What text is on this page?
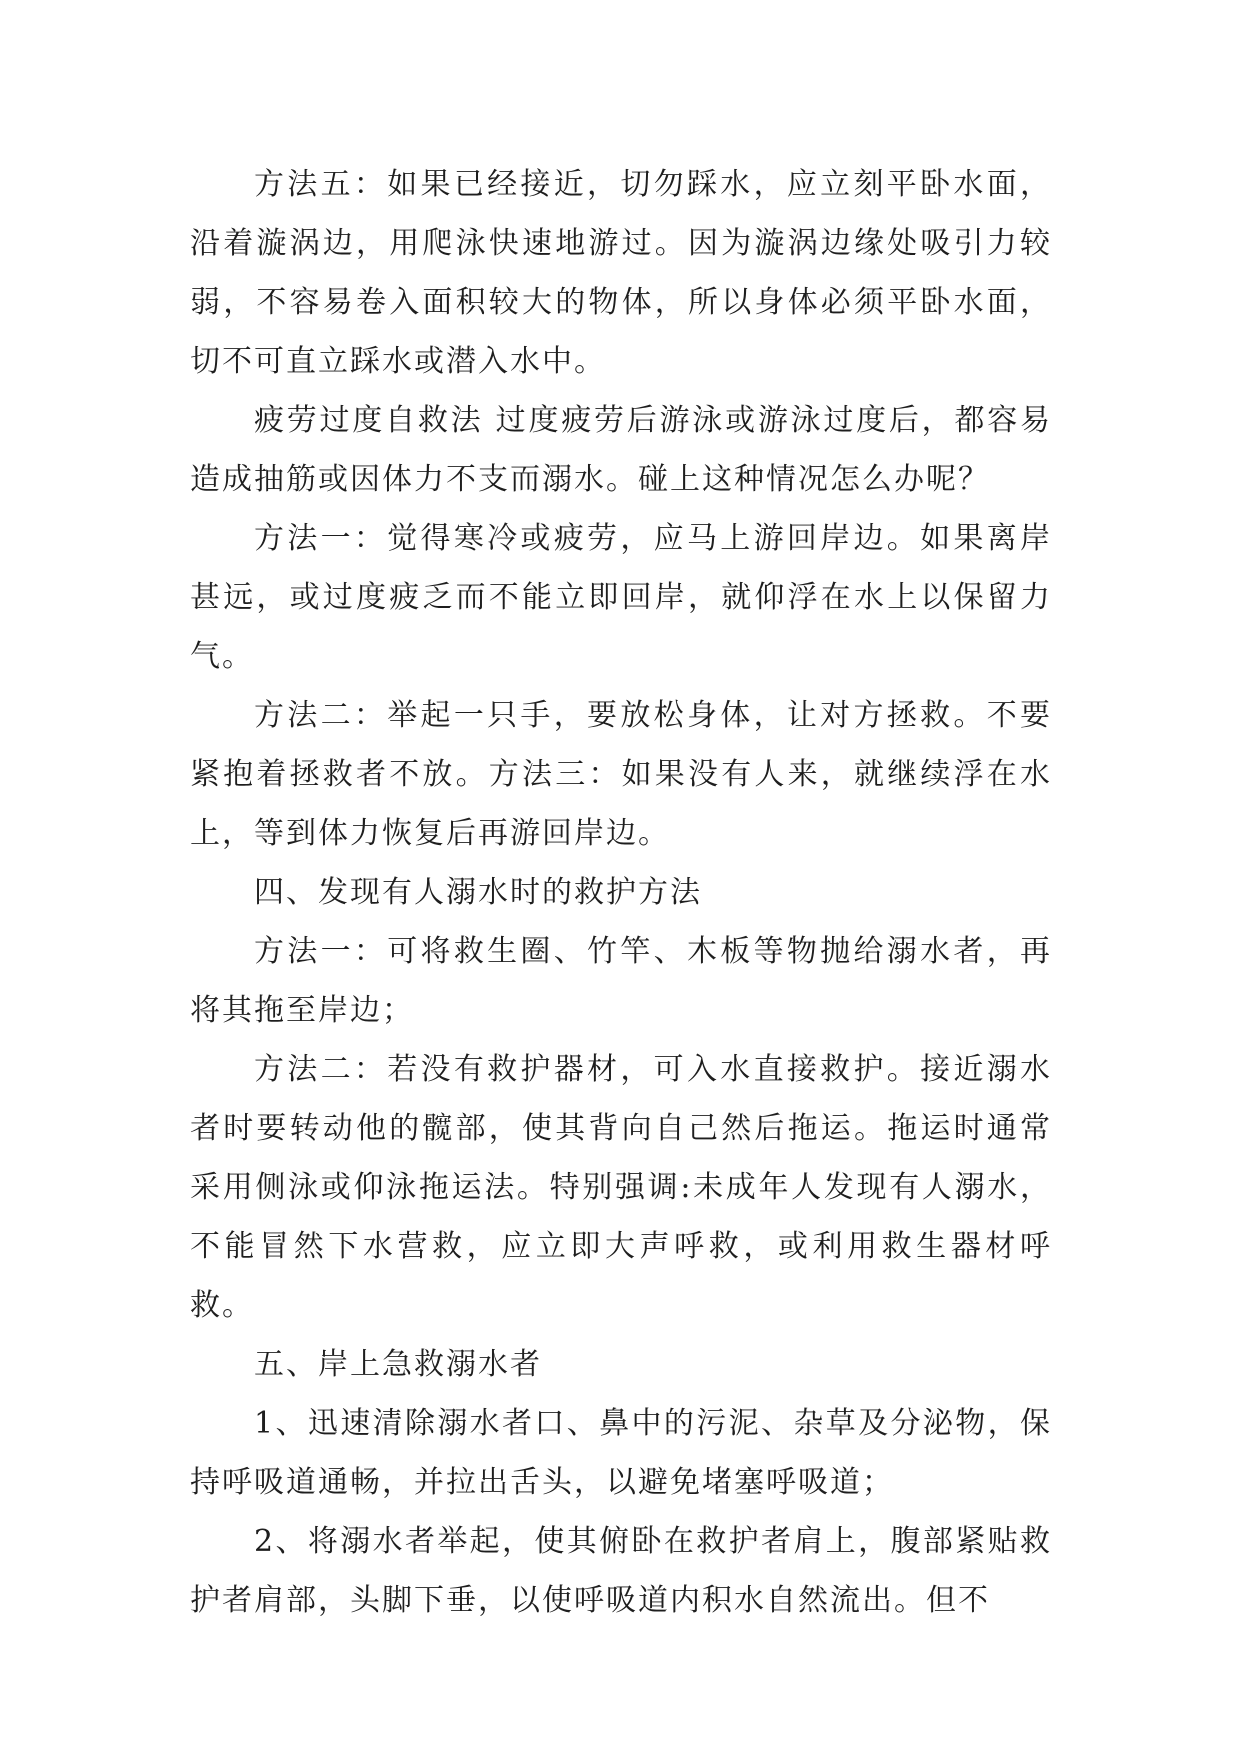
方法五：如果已经接近，切勿踩水，应立刻平卧水面，沿着漩涡边，用爬泳快速地游过。因为漩涡边缘处吸引力较弱，不容易卷入面积较大的物体，所以身体必须平卧水面，切不可直立踩水或潜入水中。

疲劳过度自救法 过度疲劳后游泳或游泳过度后，都容易造成抽筋或因体力不支而溺水。碰上这种情况怎么办呢？

方法一：觉得寒冷或疲劳，应马上游回岸边。如果离岸甚远，或过度疲乏而不能立即回岸，就仰浮在水上以保留力气。

方法二：举起一只手，要放松身体，让对方拯救。不要紧抱着拯救者不放。方法三：如果没有人来，就继续浮在水上，等到体力恢复后再游回岸边。

四、发现有人溺水时的救护方法

方法一：可将救生圈、竹竿、木板等物抛给溺水者，再将其拖至岸边；

方法二：若没有救护器材，可入水直接救护。接近溺水者时要转动他的髋部，使其背向自己然后拖运。拖运时通常采用侧泳或仰泳拖运法。特别强调:未成年人发现有人溺水，不能冒然下水营救，应立即大声呼救，或利用救生器材呼救。

五、岸上急救溺水者

1、迅速清除溺水者口、鼻中的污泥、杂草及分泌物，保持呼吸道通畅，并拉出舌头，以避免堵塞呼吸道；

2、将溺水者举起，使其俯卧在救护者肩上，腹部紧贴救护者肩部，头脚下垂，以使呼吸道内积水自然流出。但不
